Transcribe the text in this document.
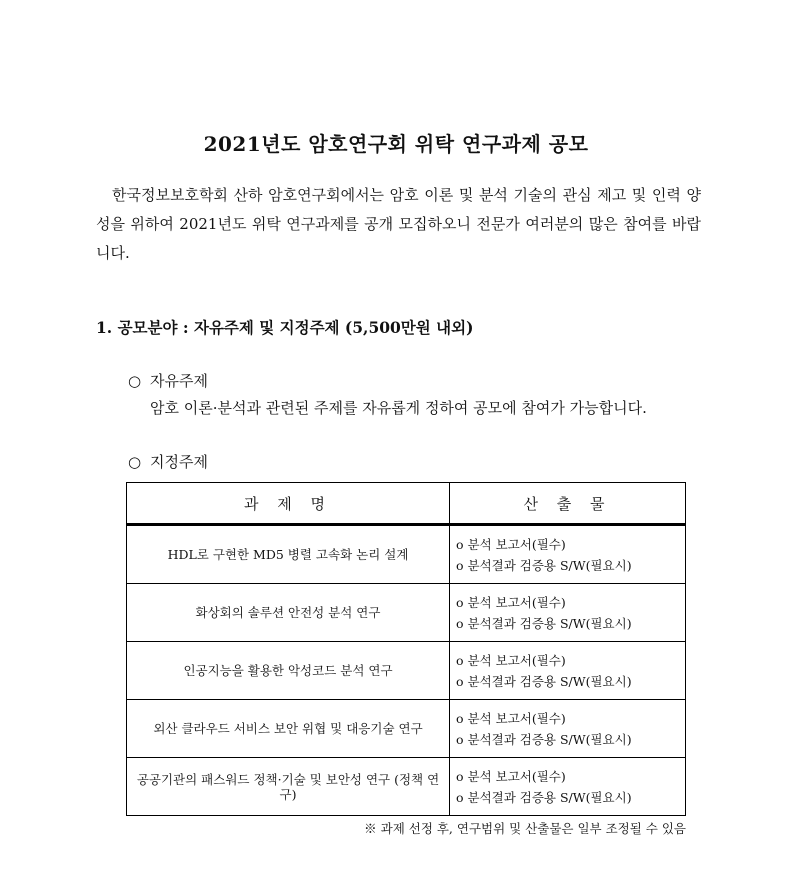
2021년도 암호연구회 위탁 연구과제 공모
한국정보보호학회 산하 암호연구회에서는 암호 이론 및 분석 기술의 관심 제고 및 인력 양성을 위하여 2021년도 위탁 연구과제를 공개 모집하오니 전문가 여러분의 많은 참여를 바랍니다.
1. 공모분야 : 자유주제 및 지정주제 (5,500만원 내외)
○ 자유주제
암호 이론·분석과 관련된 주제를 자유롭게 정하여 공모에 참여가 가능합니다.
○ 지정주제
과 제 명	산 출 물
HDL로 구현한 MD5 병렬 고속화 논리 설계	o 분석 보고서(필수)
o 분석결과 검증용 S/W(필요시)

화상회의 솔루션 안전성 분석 연구	o 분석 보고서(필수)
o 분석결과 검증용 S/W(필요시)

인공지능을 활용한 악성코드 분석 연구	o 분석 보고서(필수)
o 분석결과 검증용 S/W(필요시)

외산 클라우드 서비스 보안 위협 및 대응기술 연구	o 분석 보고서(필수)
o 분석결과 검증용 S/W(필요시)

공공기관의 패스워드 정책·기술 및 보안성 연구 (정책 연구)	o 분석 보고서(필수)
o 분석결과 검증용 S/W(필요시)
※ 과제 선정 후, 연구범위 및 산출물은 일부 조정될 수 있음
